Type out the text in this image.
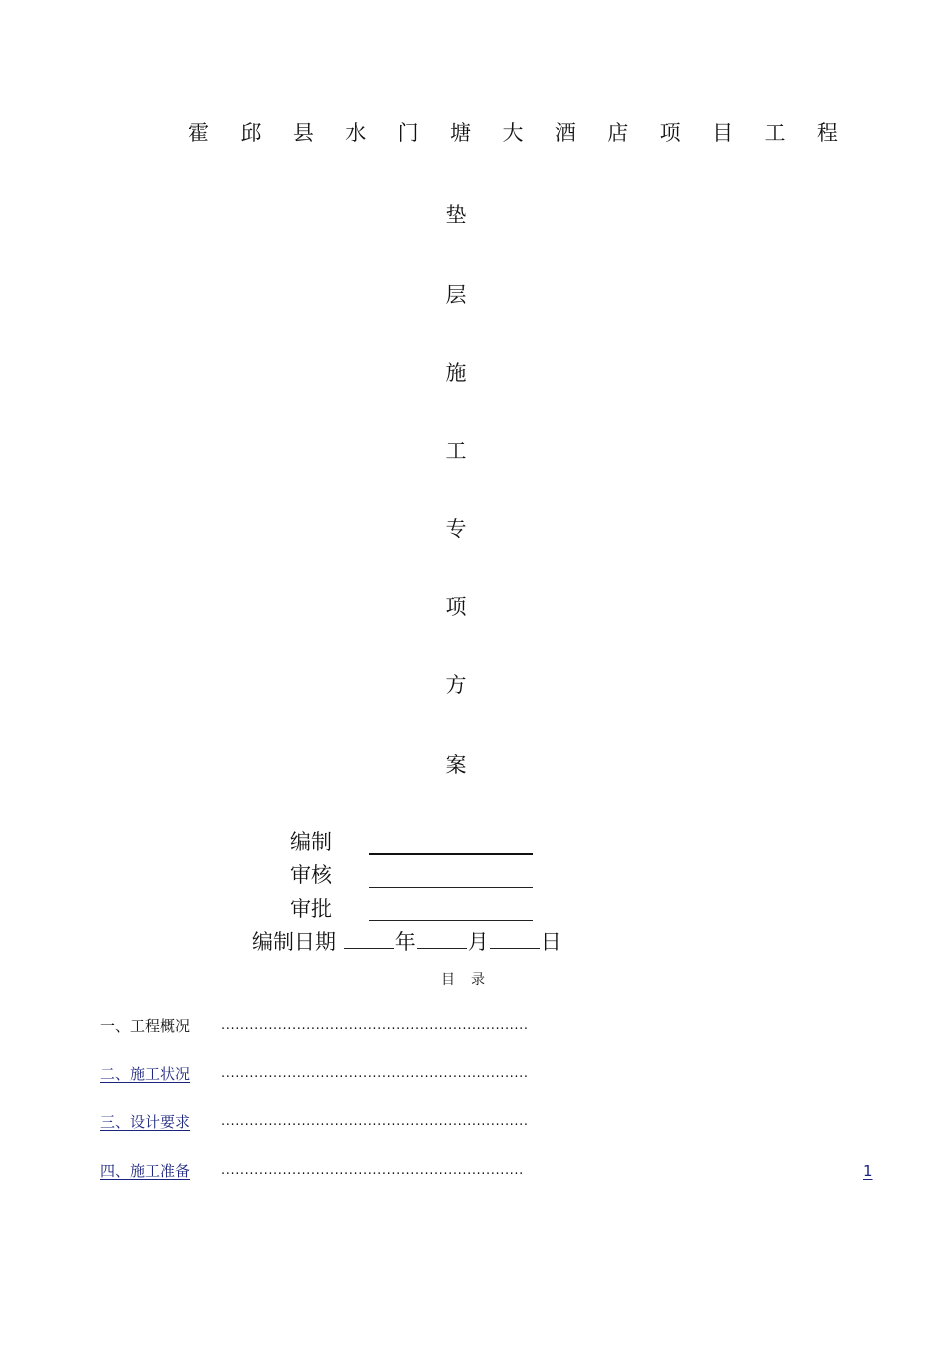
霍 邱 县 水 门 塘 大 酒 店 项 目 工 程
垫
层
施
工
专
项
方
案
编制
审核
审批
编制日期	年 月 日
目录
一、工程概况 .................................................................
二、施工状况 .................................................................
三、设计要求 .................................................................
四、施工准备 ................................................................	1
